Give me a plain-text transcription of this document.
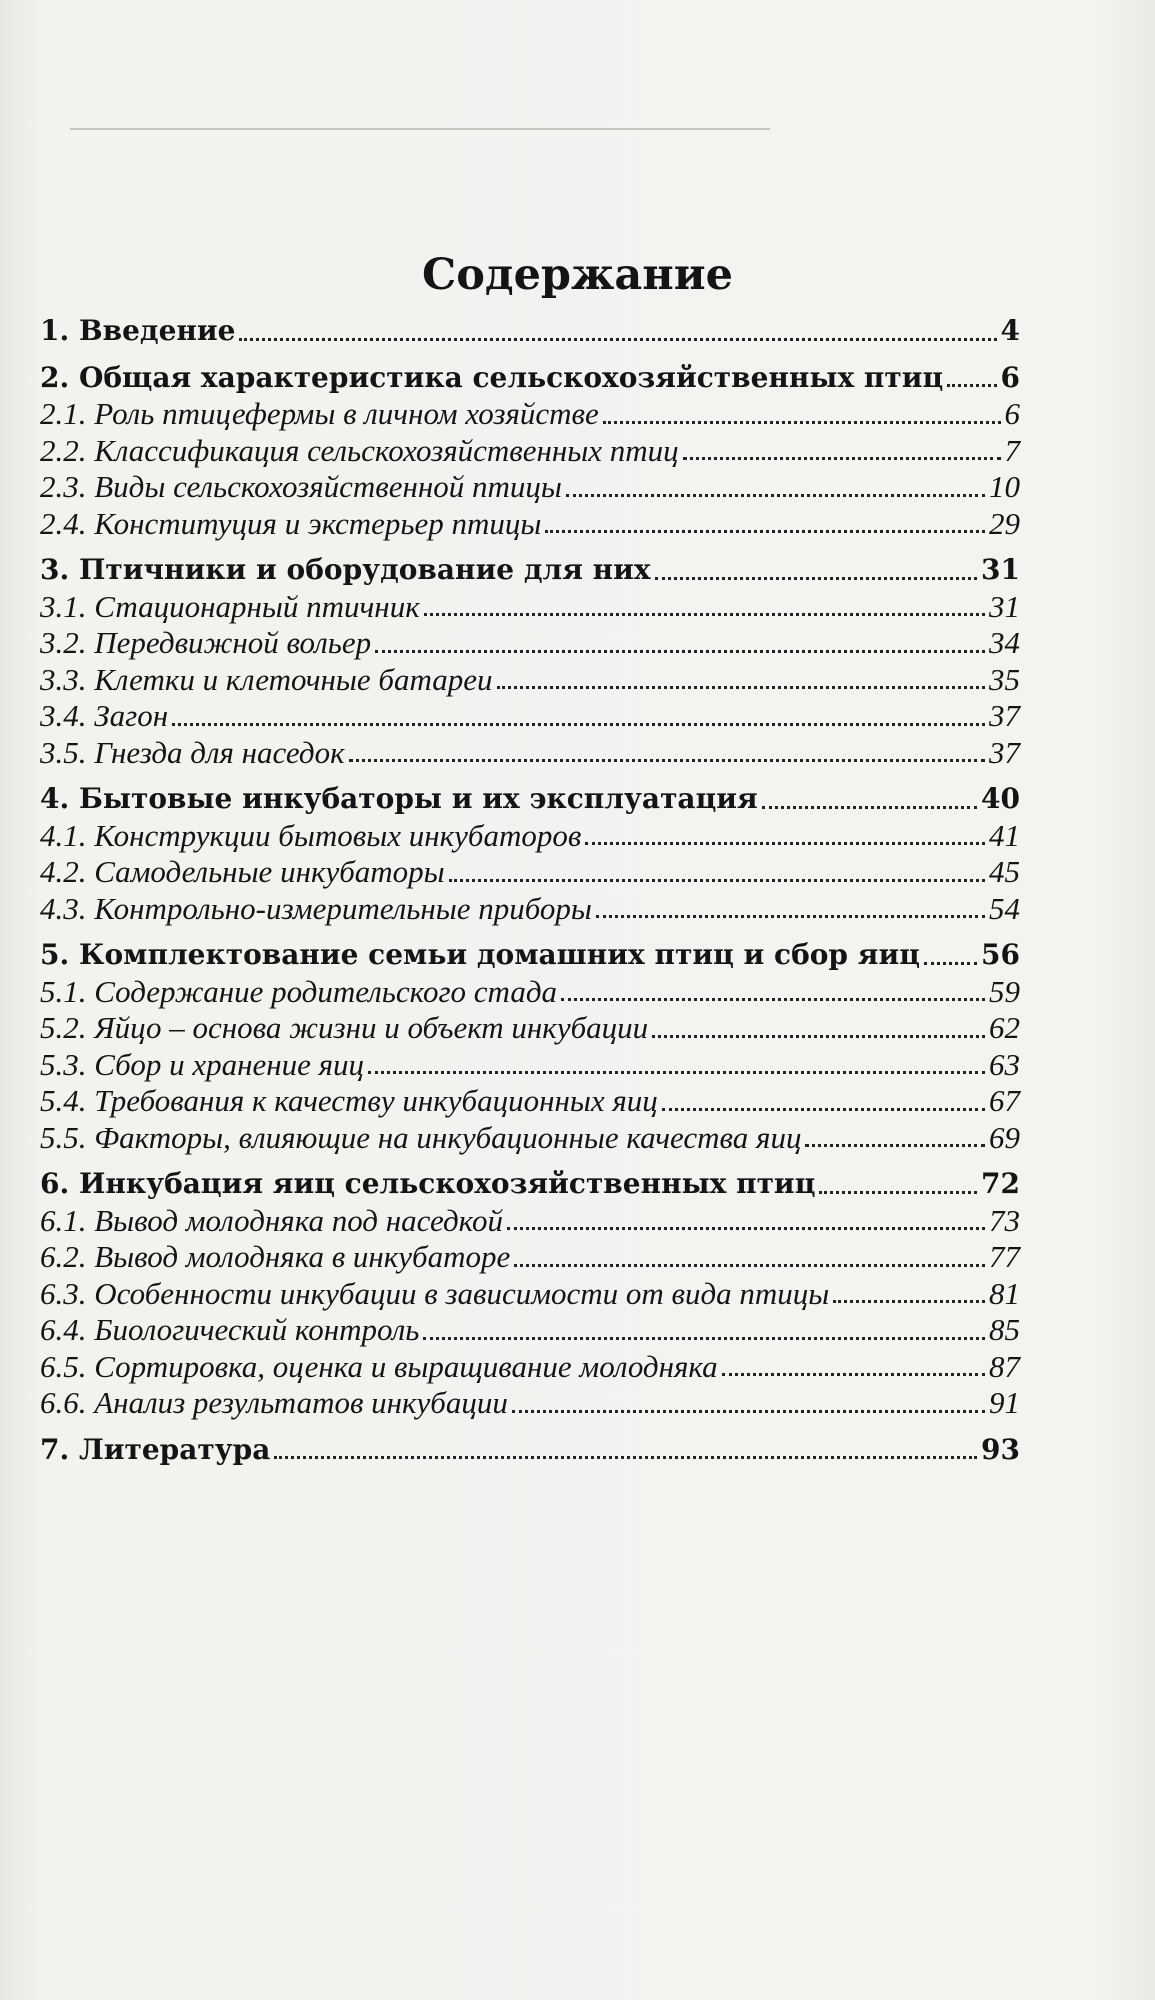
Содержание
1. Введение	4
2. Общая характеристика сельскохозяйственных птиц 6
2.1. Роль птицефермы в личном хозяйстве	6
2.2. Классификация сельскохозяйственных птиц	7
2.3. Виды сельскохозяйственной птицы	10
2.4. Конституция и экстерьер птицы	29
3. Птичники и оборудование для них	31
3.1. Стационарный птичник	31
3.2. Передвижной вольер	34
3.3. Клетки и клеточные батареи	35
3.4. Загон	37
3.5. Гнезда для наседок	37
4. Бытовые инкубаторы и их эксплуатация	40
4.1. Конструкции бытовых инкубаторов	41
4.2. Самодельные инкубаторы	45
4.3. Контрольно-измерительные приборы	54
5. Комплектование семьи домашних птиц и сбор яиц 56
5.1. Содержание родительского стада	59
5.2. Яйцо – основа жизни и объект инкубации	62
5.3. Сбор и хранение яиц	63
5.4. Требования к качеству инкубационных яиц	67
5.5. Факторы, влияющие на инкубационные качества яиц	69
6. Инкубация яиц сельскохозяйственных птиц	72
6.1. Вывод молодняка под наседкой	73
6.2. Вывод молодняка в инкубаторе	77
6.3. Особенности инкубации в зависимости от вида птицы	81
6.4. Биологический контроль	85
6.5. Сортировка, оценка и выращивание молодняка	87
6.6. Анализ результатов инкубации	91
7. Литература	93
